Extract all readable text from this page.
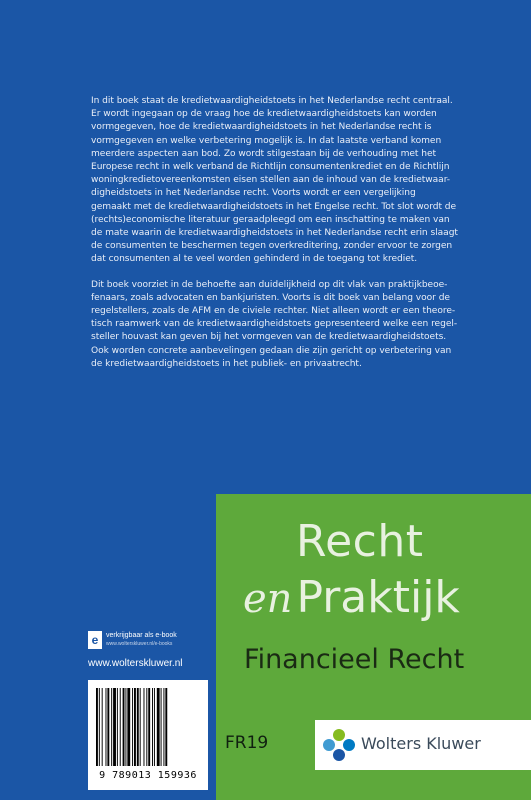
In dit boek staat de kredietwaardigheidstoets in het Nederlandse recht centraal.
Er wordt ingegaan op de vraag hoe de kredietwaardigheidstoets kan worden
vormgegeven, hoe de kredietwaardigheidstoets in het Nederlandse recht is
vormgegeven en welke verbetering mogelijk is. In dat laatste verband komen
meerdere aspecten aan bod. Zo wordt stilgestaan bij de verhouding met het
Europese recht in welk verband de Richtlijn consumentenkrediet en de Richtlijn
woningkredietovereenkomsten eisen stellen aan de inhoud van de kredietwaar-
digheidstoets in het Nederlandse recht. Voorts wordt er een vergelijking
gemaakt met de kredietwaardigheidstoets in het Engelse recht. Tot slot wordt de
(rechts)economische literatuur geraadpleegd om een inschatting te maken van
de mate waarin de kredietwaardigheidstoets in het Nederlandse recht erin slaagt
de consumenten te beschermen tegen overkreditering, zonder ervoor te zorgen
dat consumenten al te veel worden gehinderd in de toegang tot krediet.

Dit boek voorziet in de behoefte aan duidelijkheid op dit vlak van praktijkbeoe-
fenaars, zoals advocaten en bankjuristen. Voorts is dit boek van belang voor de
regelstellers, zoals de AFM en de civiele rechter. Niet alleen wordt er een theore-
tisch raamwerk van de kredietwaardigheidstoets gepresenteerd welke een regel-
steller houvast kan geven bij het vormgeven van de kredietwaardigheidstoets.
Ook worden concrete aanbevelingen gedaan die zijn gericht op verbetering van
de kredietwaardigheidstoets in het publiek- en privaatrecht.

e	verkrijgbaar als e-book
www.wolterskluwer.nl/e-books
www.wolterskluwer.nl
9 789013 159936
Recht
enPraktijk
Financieel Recht
FR19	Wolters Kluwer
